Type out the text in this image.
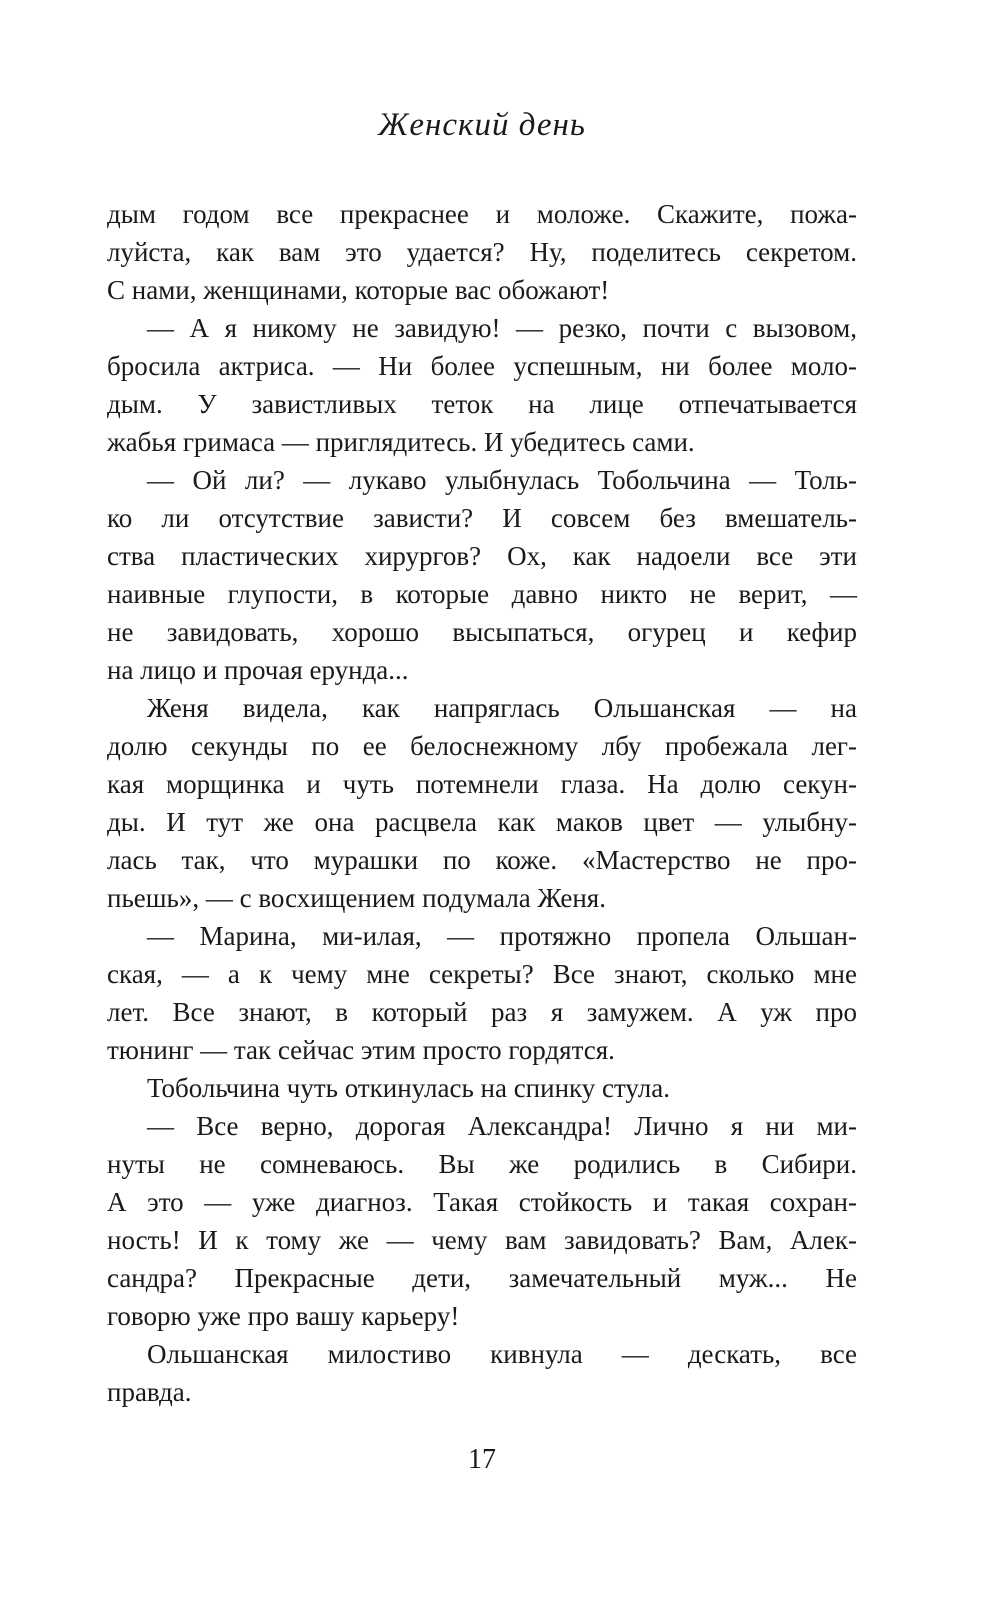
Женский день
дым годом все прекраснее и моложе. Скажите, пожа-
луйста, как вам это удается? Ну, поделитесь секретом.
С нами, женщинами, которые вас обожают!
— А я никому не завидую! — резко, почти с вызовом,
бросила актриса. — Ни более успешным, ни более моло-
дым. У завистливых теток на лице отпечатывается
жабья гримаса — приглядитесь. И убедитесь сами.
— Ой ли? — лукаво улыбнулась Тобольчина — Толь-
ко ли отсутствие зависти? И совсем без вмешатель-
ства пластических хирургов? Ох, как надоели все эти
наивные глупости, в которые давно никто не верит, —
не завидовать, хорошо высыпаться, огурец и кефир
на лицо и прочая ерунда...
Женя видела, как напряглась Ольшанская — на
долю секунды по ее белоснежному лбу пробежала лег-
кая морщинка и чуть потемнели глаза. На долю секун-
ды. И тут же она расцвела как маков цвет — улыбну-
лась так, что мурашки по коже. «Мастерство не про-
пьешь», — с восхищением подумала Женя.
— Марина, ми-илая, — протяжно пропела Ольшан-
ская, — а к чему мне секреты? Все знают, сколько мне
лет. Все знают, в который раз я замужем. А уж про
тюнинг — так сейчас этим просто гордятся.
Тобольчина чуть откинулась на спинку стула.
— Все верно, дорогая Александра! Лично я ни ми-
нуты не сомневаюсь. Вы же родились в Сибири.
А это — уже диагноз. Такая стойкость и такая сохран-
ность! И к тому же — чему вам завидовать? Вам, Алек-
сандра? Прекрасные дети, замечательный муж... Не
говорю уже про вашу карьеру!
Ольшанская милостиво кивнула — дескать, все
правда.
17
